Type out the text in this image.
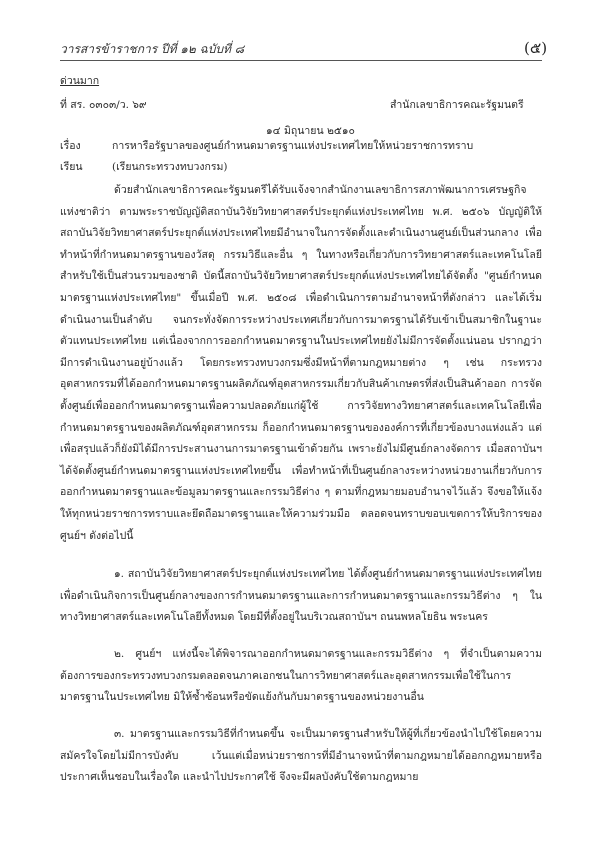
วารสารข้าราชการ ปีที่ ๑๒ ฉบับที่ ๘	(๕)
ด่วนมาก
ที่ สร. ๐๓๐๓/ว. ๖๙	สำนักเลขาธิการคณะรัฐมนตรี
๑๔ มิถุนายน ๒๕๑๐
เรื่อง	การหารือรัฐบาลของศูนย์กำหนดมาตรฐานแห่งประเทศไทยให้หน่วยราชการทราบ
เรียน	(เรียนกระทรวงทบวงกรม)

ด้วยสำนักเลขาธิการคณะรัฐมนตรีได้รับแจ้งจากสำนักงานเลขาธิการสภาพัฒนาการเศรษฐกิจแห่งชาติว่า ตามพระราชบัญญัติสถาบันวิจัยวิทยาศาสตร์ประยุกต์แห่งประเทศไทย พ.ศ. ๒๕๐๖ บัญญัติให้สถาบันวิจัยวิทยาศาสตร์ประยุกต์แห่งประเทศไทยมีอำนาจในการจัดตั้งและดำเนินงานศูนย์เป็นส่วนกลาง เพื่อทำหน้าที่กำหนดมาตรฐานของวัสดุ กรรมวิธีและอื่น ๆ ในทางหรือเกี่ยวกับการวิทยาศาสตร์และเทคโนโลยีสำหรับใช้เป็นส่วนรวมของชาติ บัดนี้สถาบันวิจัยวิทยาศาสตร์ประยุกต์แห่งประเทศไทยได้จัดตั้ง "ศูนย์กำหนดมาตรฐานแห่งประเทศไทย" ขึ้นเมื่อปี พ.ศ. ๒๕๐๘ เพื่อดำเนินการตามอำนาจหน้าที่ดังกล่าว และได้เริ่มดำเนินงานเป็นลำดับ จนกระทั่งจัดการระหว่างประเทศเกี่ยวกับการมาตรฐานได้รับเข้าเป็นสมาชิกในฐานะตัวแทนประเทศไทย แต่เนื่องจากการออกกำหนดมาตรฐานในประเทศไทยยังไม่มีการจัดตั้งแน่นอน ปรากฏว่ามีการดำเนินงานอยู่บ้างแล้ว โดยกระทรวงทบวงกรมซึ่งมีหน้าที่ตามกฎหมายต่าง ๆ เช่น กระทรวงอุตสาหกรรมที่ได้ออกกำหนดมาตรฐานผลิตภัณฑ์อุตสาหกรรมเกี่ยวกับสินค้าเกษตรที่ส่งเป็นสินค้าออก การจัดตั้งศูนย์เพื่อออกกำหนดมาตรฐานเพื่อความปลอดภัยแก่ผู้ใช้ การวิจัยทางวิทยาศาสตร์และเทคโนโลยีเพื่อกำหนดมาตรฐานของผลิตภัณฑ์อุตสาหกรรม ก็ออกกำหนดมาตรฐานขององค์การที่เกี่ยวข้องบางแห่งแล้ว แต่เพื่อสรุปแล้วก็ยังมิได้มีการประสานงานการมาตรฐานเข้าด้วยกัน เพราะยังไม่มีศูนย์กลางจัดการ เมื่อสถาบันฯ ได้จัดตั้งศูนย์กำหนดมาตรฐานแห่งประเทศไทยขึ้น เพื่อทำหน้าที่เป็นศูนย์กลางระหว่างหน่วยงานเกี่ยวกับการออกกำหนดมาตรฐานและข้อมูลมาตรฐานและกรรมวิธีต่าง ๆ ตามที่กฎหมายมอบอำนาจไว้แล้ว จึงขอให้แจ้งให้ทุกหน่วยราชการทราบและยึดถือมาตรฐานและให้ความร่วมมือ ตลอดจนทราบขอบเขตการให้บริการของศูนย์ฯ ดังต่อไปนี้

๑. สถาบันวิจัยวิทยาศาสตร์ประยุกต์แห่งประเทศไทย ได้ตั้งศูนย์กำหนดมาตรฐานแห่งประเทศไทย เพื่อดำเนินกิจการเป็นศูนย์กลางของการกำหนดมาตรฐานและการกำหนดมาตรฐานและกรรมวิธีต่าง ๆ ในทางวิทยาศาสตร์และเทคโนโลยีทั้งหมด โดยมีที่ตั้งอยู่ในบริเวณสถาบันฯ ถนนพหลโยธิน พระนคร

๒. ศูนย์ฯ แห่งนี้จะได้พิจารณาออกกำหนดมาตรฐานและกรรมวิธีต่าง ๆ ที่จำเป็นตามความต้องการของกระทรวงทบวงกรมตลอดจนภาคเอกชนในการวิทยาศาสตร์และอุตสาหกรรมเพื่อใช้ในการมาตรฐานในประเทศไทย มิให้ซ้ำซ้อนหรือขัดแย้งกันกับมาตรฐานของหน่วยงานอื่น

๓. มาตรฐานและกรรมวิธีที่กำหนดขึ้น จะเป็นมาตรฐานสำหรับให้ผู้ที่เกี่ยวข้องนำไปใช้โดยความสมัครใจโดยไม่มีการบังคับ เว้นแต่เมื่อหน่วยราชการที่มีอำนาจหน้าที่ตามกฎหมายได้ออกกฎหมายหรือประกาศเห็นชอบในเรื่องใด และนำไปประกาศใช้ จึงจะมีผลบังคับใช้ตามกฎหมาย
